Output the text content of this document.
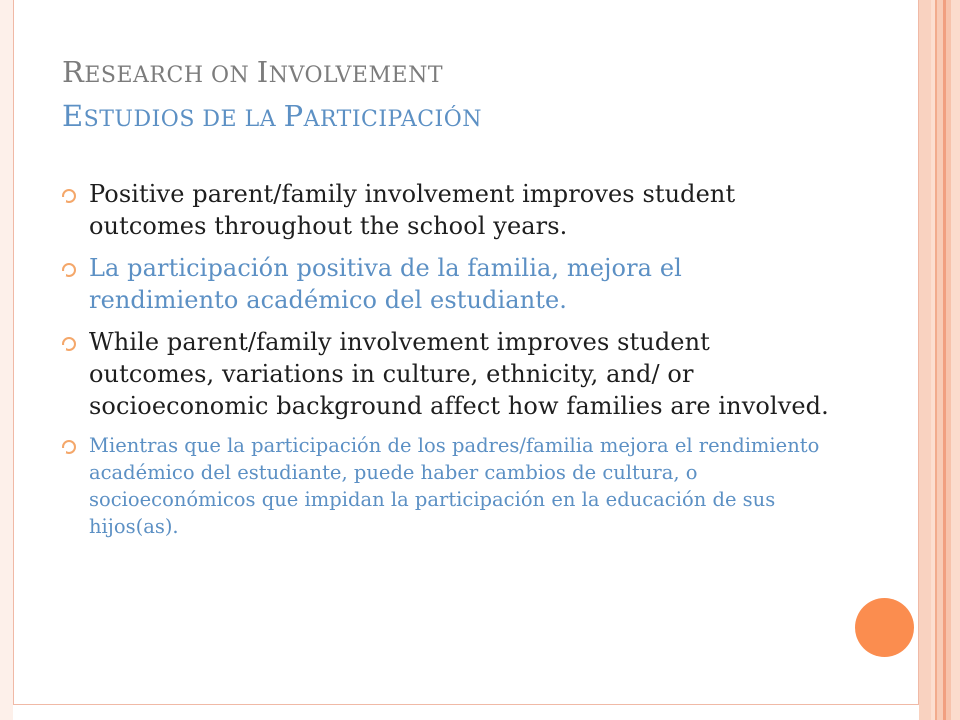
RESEARCH ON INVOLVEMENT
ESTUDIOS DE LA PARTICIPACIÓN
Positive parent/family involvement improves student outcomes throughout the school years.
La participación positiva de la familia, mejora el rendimiento académico del estudiante.
While parent/family involvement improves student outcomes, variations in culture, ethnicity, and/ or socioeconomic background affect how families are involved.
Mientras que la participación de los padres/familia mejora el rendimiento académico del estudiante, puede haber cambios de cultura, o socioeconómicos que impidan la participación en la educación de sus hijos(as).
